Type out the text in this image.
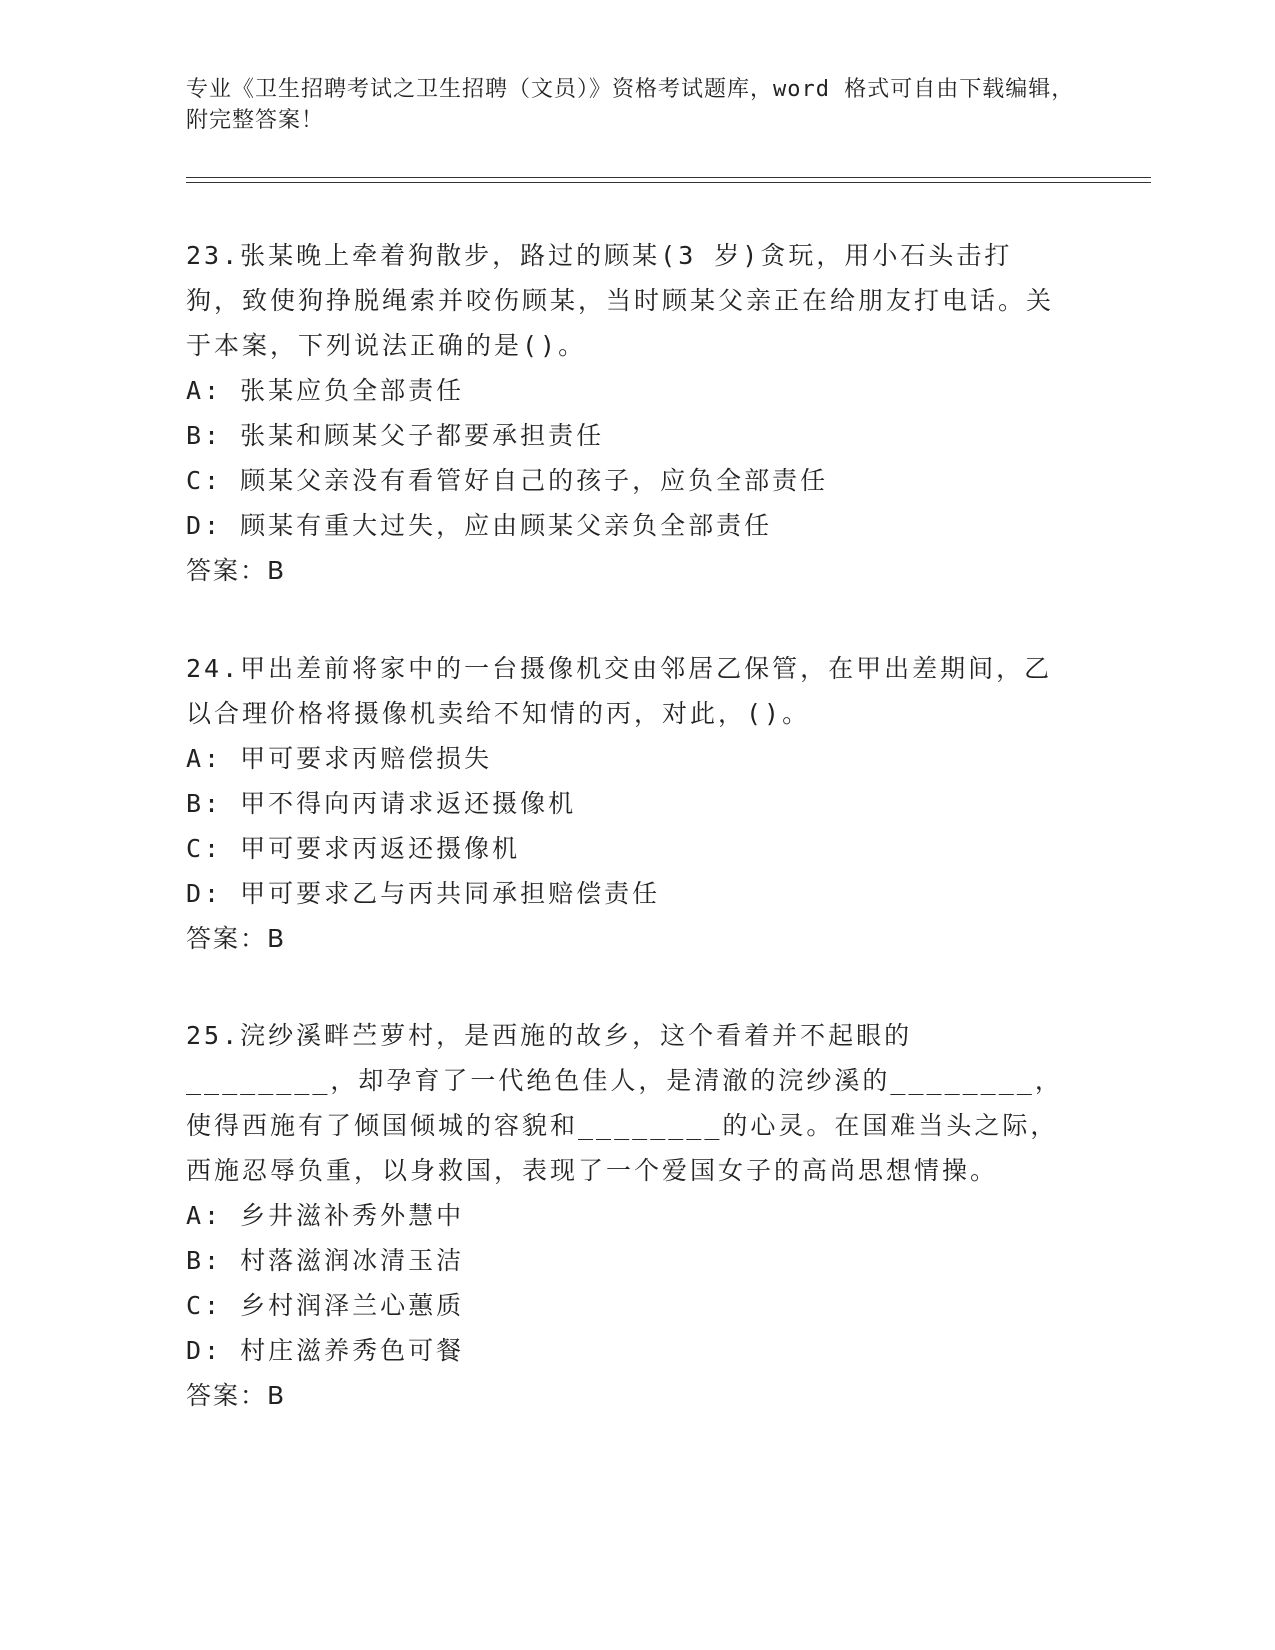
专业《卫生招聘考试之卫生招聘（文员）》资格考试题库，word 格式可自由下载编辑，附完整答案！
23.张某晚上牵着狗散步，路过的顾某(3 岁)贪玩，用小石头击打狗，致使狗挣脱绳索并咬伤顾某，当时顾某父亲正在给朋友打电话。关于本案，下列说法正确的是()。
A: 张某应负全部责任
B: 张某和顾某父子都要承担责任
C: 顾某父亲没有看管好自己的孩子，应负全部责任
D: 顾某有重大过失，应由顾某父亲负全部责任
答案：B
24.甲出差前将家中的一台摄像机交由邻居乙保管，在甲出差期间，乙以合理价格将摄像机卖给不知情的丙，对此，()。
A: 甲可要求丙赔偿损失
B: 甲不得向丙请求返还摄像机
C: 甲可要求丙返还摄像机
D: 甲可要求乙与丙共同承担赔偿责任
答案：B
25.浣纱溪畔苎萝村，是西施的故乡，这个看着并不起眼的________，却孕育了一代绝色佳人，是清澈的浣纱溪的________，使得西施有了倾国倾城的容貌和________的心灵。在国难当头之际，西施忍辱负重，以身救国，表现了一个爱国女子的高尚思想情操。
A: 乡井滋补秀外慧中
B: 村落滋润冰清玉洁
C: 乡村润泽兰心蕙质
D: 村庄滋养秀色可餐
答案：B
